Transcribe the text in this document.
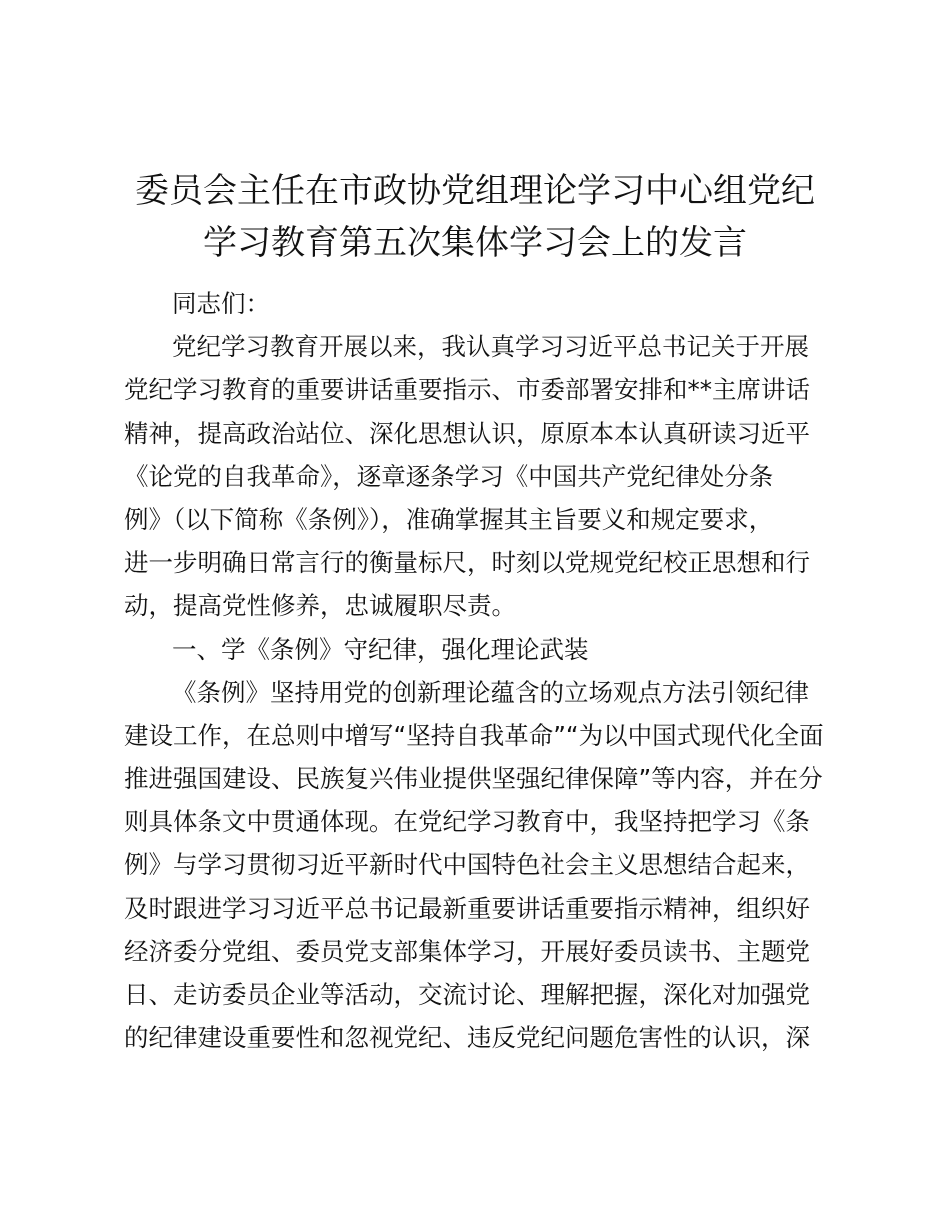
委员会主任在市政协党组理论学习中心组党纪
学习教育第五次集体学习会上的发言
同志们：
党纪学习教育开展以来，我认真学习习近平总书记关于开展
党纪学习教育的重要讲话重要指示、市委部署安排和**主席讲话
精神，提高政治站位、深化思想认识，原原本本认真研读习近平
《论党的自我革命》，逐章逐条学习《中国共产党纪律处分条
例》（以下简称《条例》），准确掌握其主旨要义和规定要求，
进一步明确日常言行的衡量标尺，时刻以党规党纪校正思想和行
动，提高党性修养，忠诚履职尽责。
一、学《条例》守纪律，强化理论武装
《条例》坚持用党的创新理论蕴含的立场观点方法引领纪律
建设工作，在总则中增写“坚持自我革命”“为以中国式现代化全面
推进强国建设、民族复兴伟业提供坚强纪律保障”等内容，并在分
则具体条文中贯通体现。在党纪学习教育中，我坚持把学习《条
例》与学习贯彻习近平新时代中国特色社会主义思想结合起来，
及时跟进学习习近平总书记最新重要讲话重要指示精神，组织好
经济委分党组、委员党支部集体学习，开展好委员读书、主题党
日、走访委员企业等活动，交流讨论、理解把握，深化对加强党
的纪律建设重要性和忽视党纪、违反党纪问题危害性的认识，深
